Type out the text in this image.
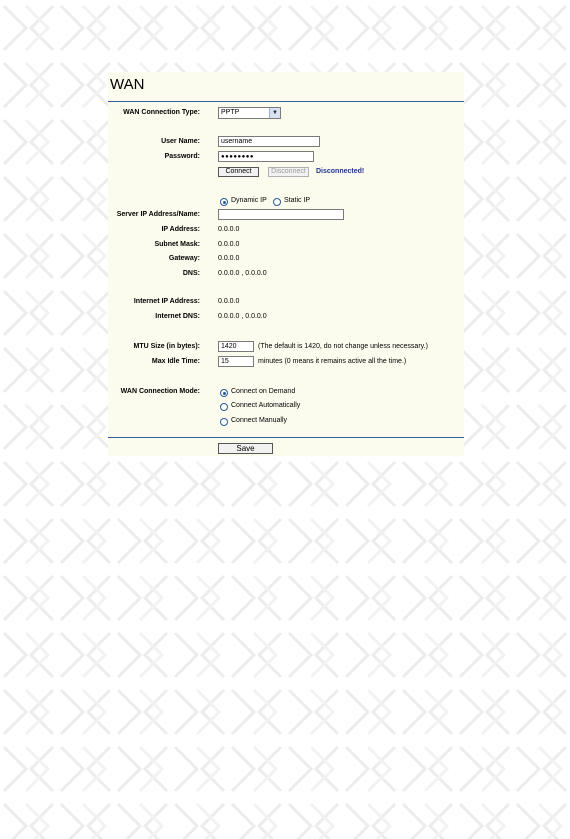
WAN
WAN Connection Type:	PPTP	▼
User Name:	username
Password:	●●●●●●●●
Connect	Disconnect	Disconnected!
Dynamic IP Static IP
Server IP Address/Name:
IP Address:	0.0.0.0
Subnet Mask:	0.0.0.0
Gateway:	0.0.0.0
DNS:	0.0.0.0 , 0.0.0.0
Internet IP Address:	0.0.0.0
Internet DNS:	0.0.0.0 , 0.0.0.0
MTU Size (in bytes):	1420	(The default is 1420, do not change unless necessary.)
Max Idle Time:	15	minutes (0 means it remains active all the time.)
WAN Connection Mode:	Connect on Demand
Connect Automatically
Connect Manually
Save
